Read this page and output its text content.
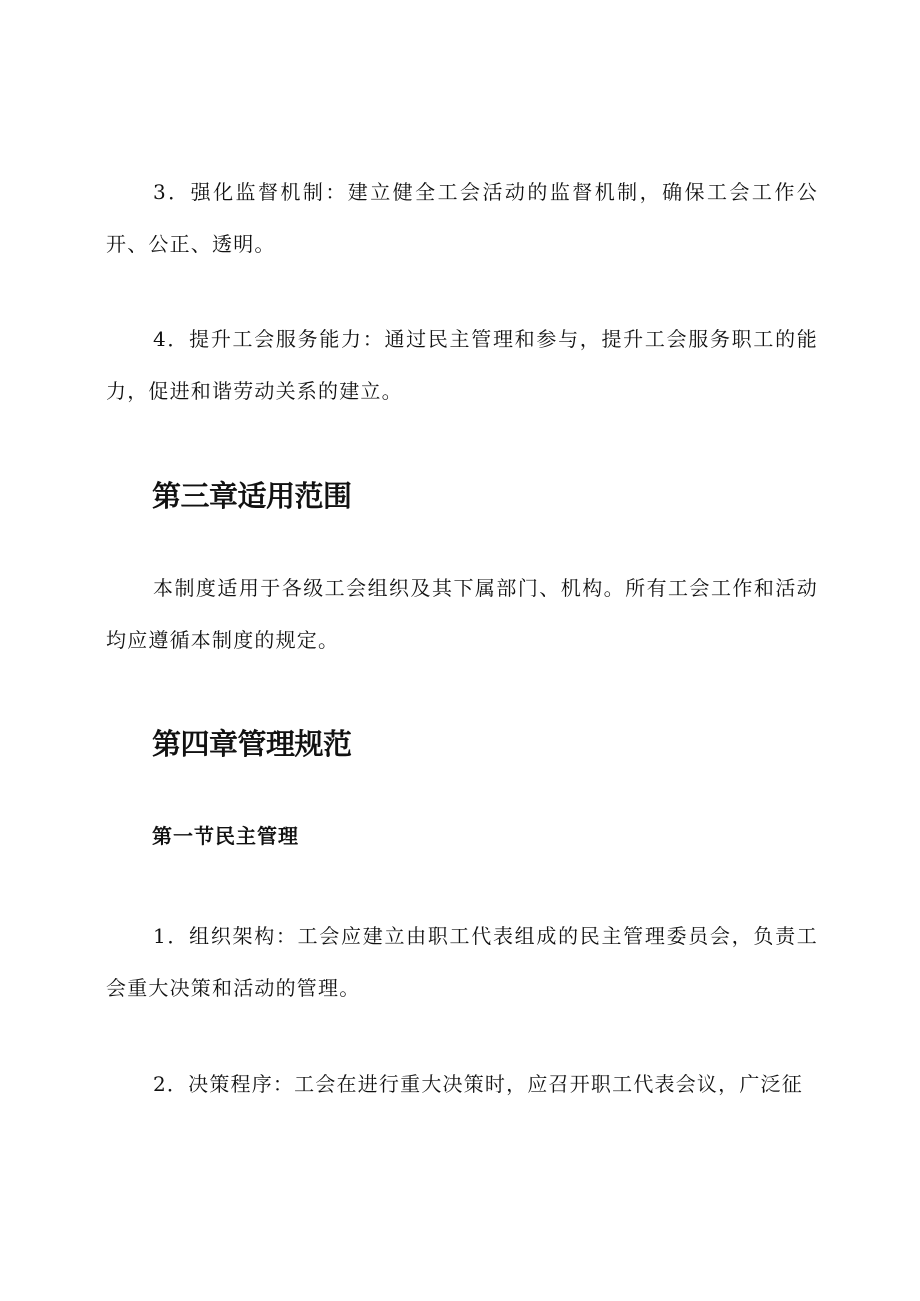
3．强化监督机制：建立健全工会活动的监督机制，确保工会工作公开、公正、透明。

4．提升工会服务能力：通过民主管理和参与，提升工会服务职工的能力，促进和谐劳动关系的建立。

第三章适用范围

本制度适用于各级工会组织及其下属部门、机构。所有工会工作和活动均应遵循本制度的规定。

第四章管理规范
第一节民主管理

1．组织架构：工会应建立由职工代表组成的民主管理委员会，负责工会重大决策和活动的管理。

2．决策程序：工会在进行重大决策时，应召开职工代表会议，广泛征
